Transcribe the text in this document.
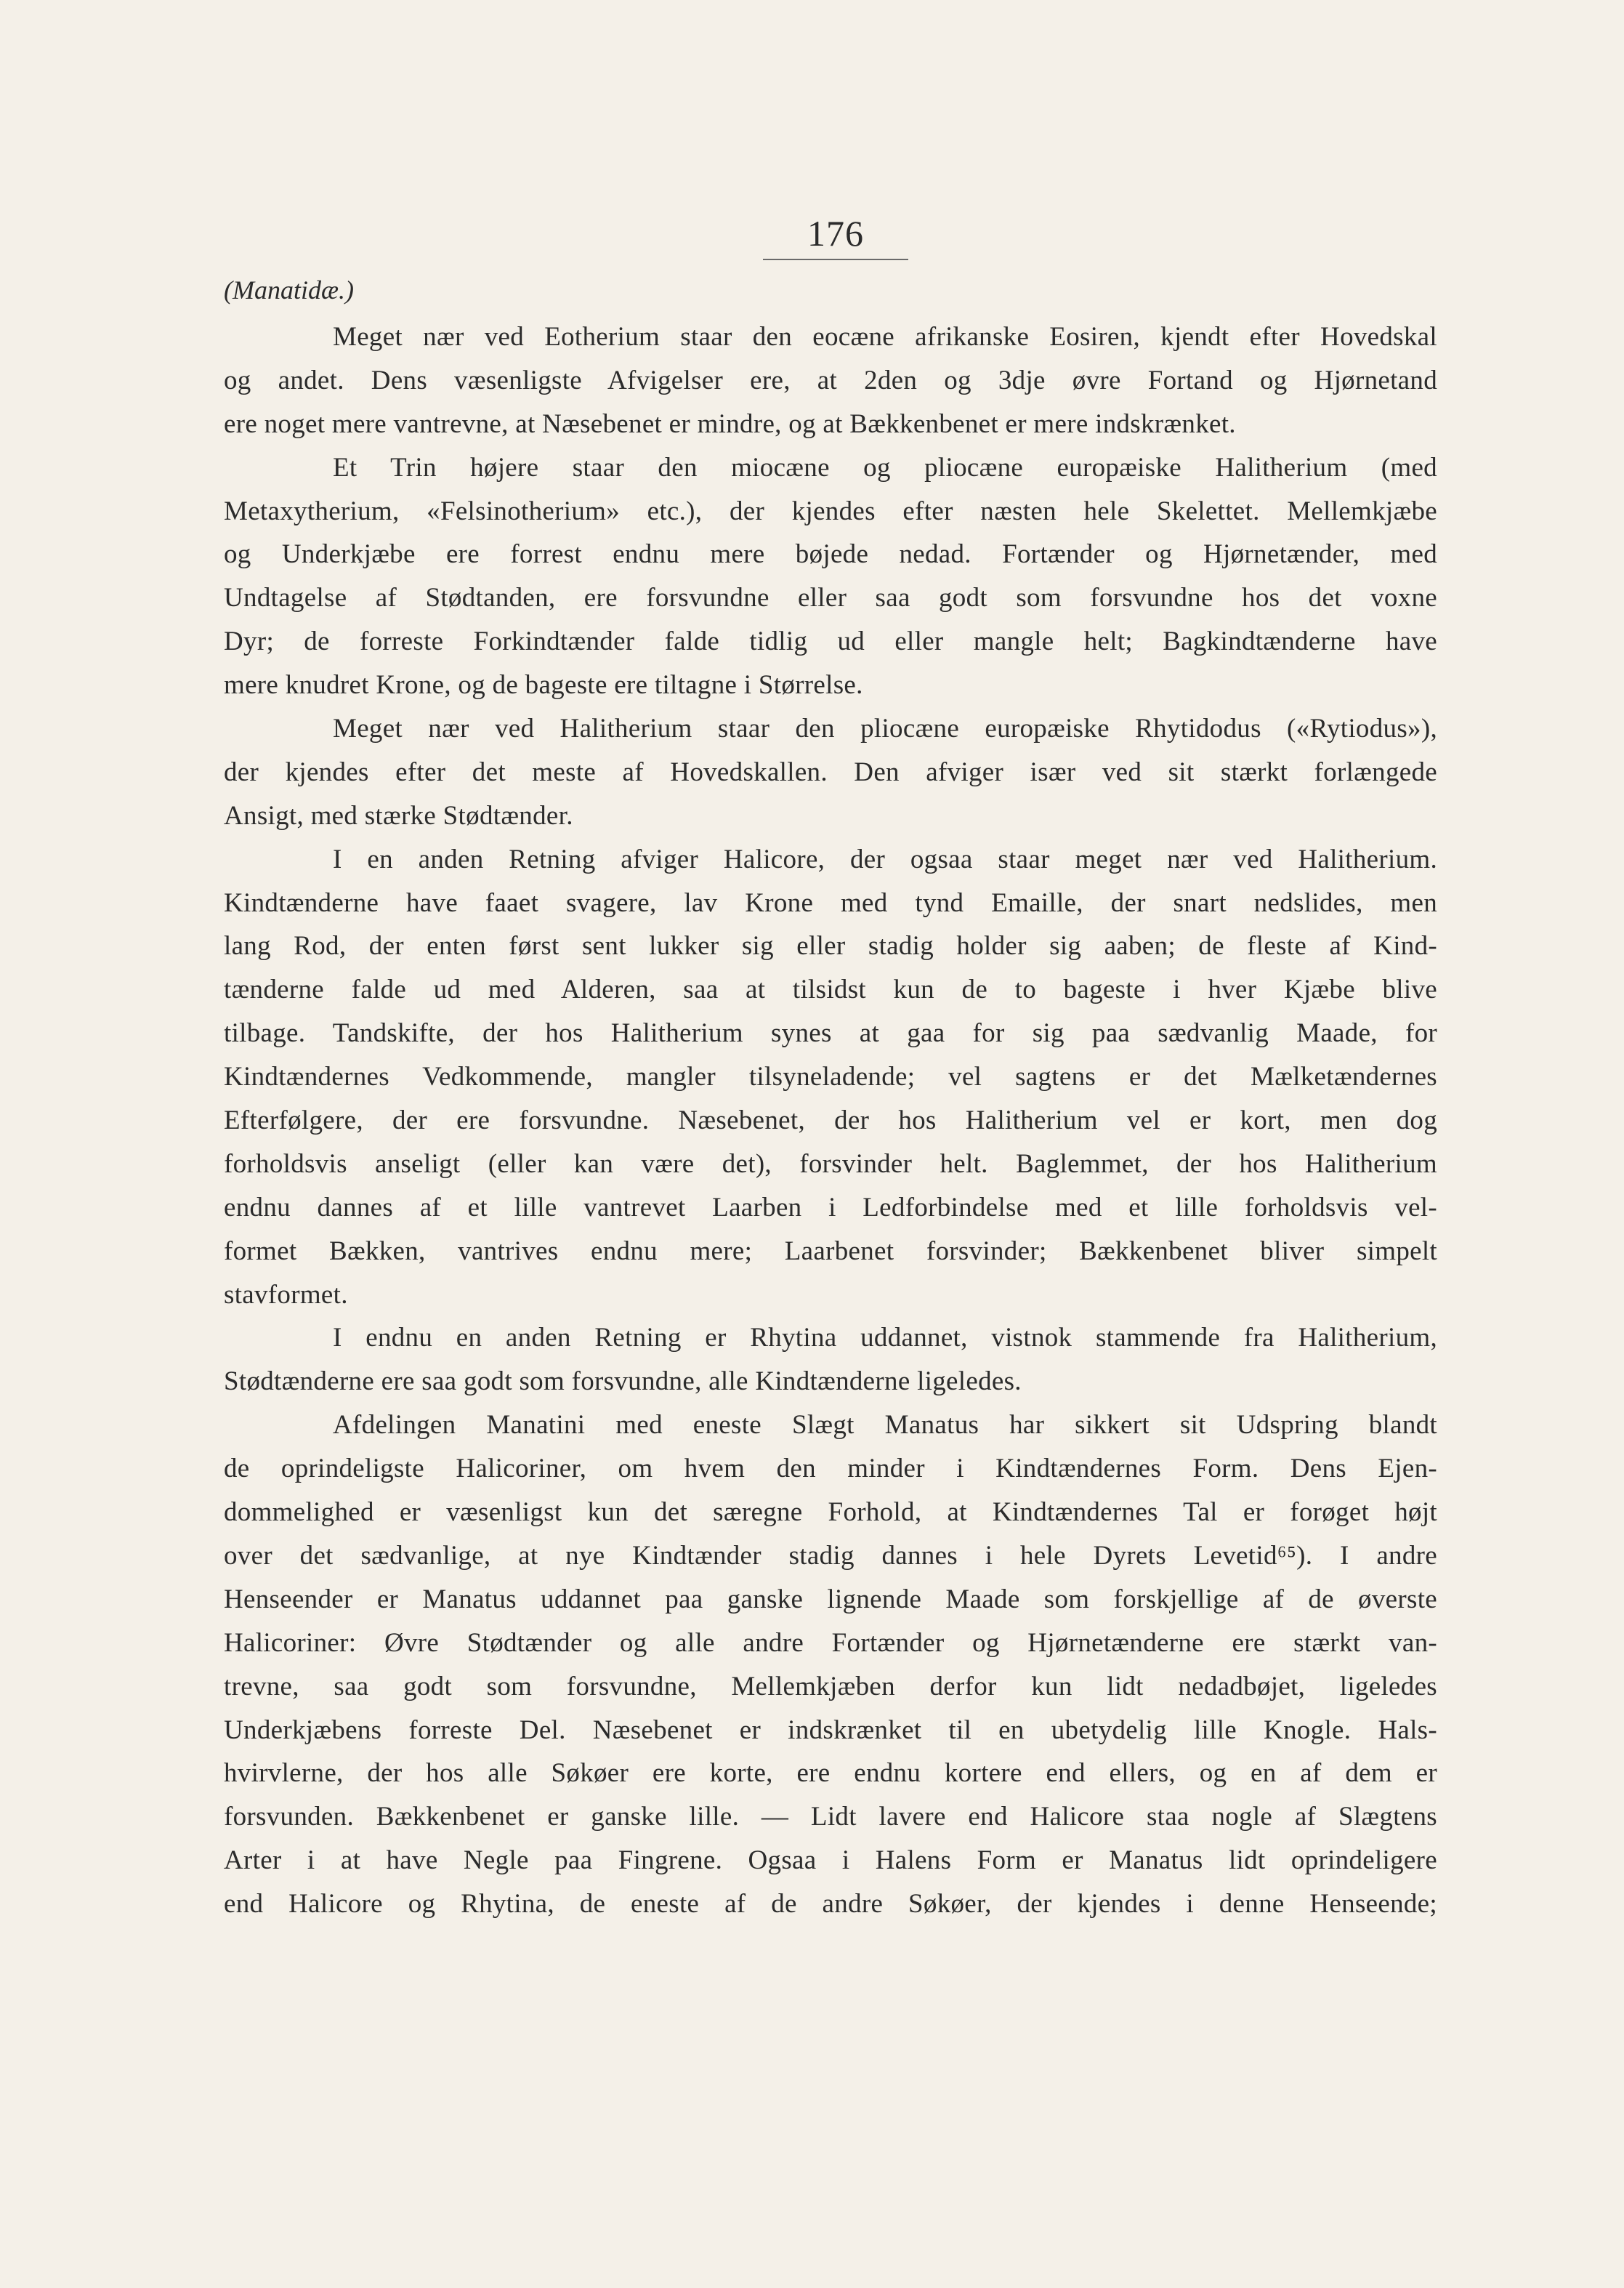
176
(Manatidæ.)
Meget nær ved Eotherium staar den eocæne afrikanske Eosiren, kjendt efter Hovedskal
og andet. Dens væsenligste Afvigelser ere, at 2den og 3dje øvre Fortand og Hjørnetand
ere noget mere vantrevne, at Næsebenet er mindre, og at Bækkenbenet er mere indskrænket.
Et Trin højere staar den miocæne og pliocæne europæiske Halitherium (med
Metaxytherium, «Felsinotherium» etc.), der kjendes efter næsten hele Skelettet. Mellemkjæbe
og Underkjæbe ere forrest endnu mere bøjede nedad. Fortænder og Hjørnetænder, med
Undtagelse af Stødtanden, ere forsvundne eller saa godt som forsvundne hos det voxne
Dyr; de forreste Forkindtænder falde tidlig ud eller mangle helt; Bagkindtænderne have
mere knudret Krone, og de bageste ere tiltagne i Størrelse.
Meget nær ved Halitherium staar den pliocæne europæiske Rhytidodus («Rytiodus»),
der kjendes efter det meste af Hovedskallen. Den afviger især ved sit stærkt forlængede
Ansigt, med stærke Stødtænder.
I en anden Retning afviger Halicore, der ogsaa staar meget nær ved Halitherium.
Kindtænderne have faaet svagere, lav Krone med tynd Emaille, der snart nedslides, men
lang Rod, der enten først sent lukker sig eller stadig holder sig aaben; de fleste af Kind-
tænderne falde ud med Alderen, saa at tilsidst kun de to bageste i hver Kjæbe blive
tilbage. Tandskifte, der hos Halitherium synes at gaa for sig paa sædvanlig Maade, for
Kindtændernes Vedkommende, mangler tilsyneladende; vel sagtens er det Mælketændernes
Efterfølgere, der ere forsvundne. Næsebenet, der hos Halitherium vel er kort, men dog
forholdsvis anseligt (eller kan være det), forsvinder helt. Baglemmet, der hos Halitherium
endnu dannes af et lille vantrevet Laarben i Ledforbindelse med et lille forholdsvis vel-
formet Bækken, vantrives endnu mere; Laarbenet forsvinder; Bækkenbenet bliver simpelt
stavformet.
I endnu en anden Retning er Rhytina uddannet, vistnok stammende fra Halitherium,
Stødtænderne ere saa godt som forsvundne, alle Kindtænderne ligeledes.
Afdelingen Manatini med eneste Slægt Manatus har sikkert sit Udspring blandt
de oprindeligste Halicoriner, om hvem den minder i Kindtændernes Form. Dens Ejen-
dommelighed er væsenligst kun det særegne Forhold, at Kindtændernes Tal er forøget højt
over det sædvanlige, at nye Kindtænder stadig dannes i hele Dyrets Levetid⁶⁵). I andre
Henseender er Manatus uddannet paa ganske lignende Maade som forskjellige af de øverste
Halicoriner: Øvre Stødtænder og alle andre Fortænder og Hjørnetænderne ere stærkt van-
trevne, saa godt som forsvundne, Mellemkjæben derfor kun lidt nedadbøjet, ligeledes
Underkjæbens forreste Del. Næsebenet er indskrænket til en ubetydelig lille Knogle. Hals-
hvirvlerne, der hos alle Søkøer ere korte, ere endnu kortere end ellers, og en af dem er
forsvunden. Bækkenbenet er ganske lille. — Lidt lavere end Halicore staa nogle af Slægtens
Arter i at have Negle paa Fingrene. Ogsaa i Halens Form er Manatus lidt oprindeligere
end Halicore og Rhytina, de eneste af de andre Søkøer, der kjendes i denne Henseende;
